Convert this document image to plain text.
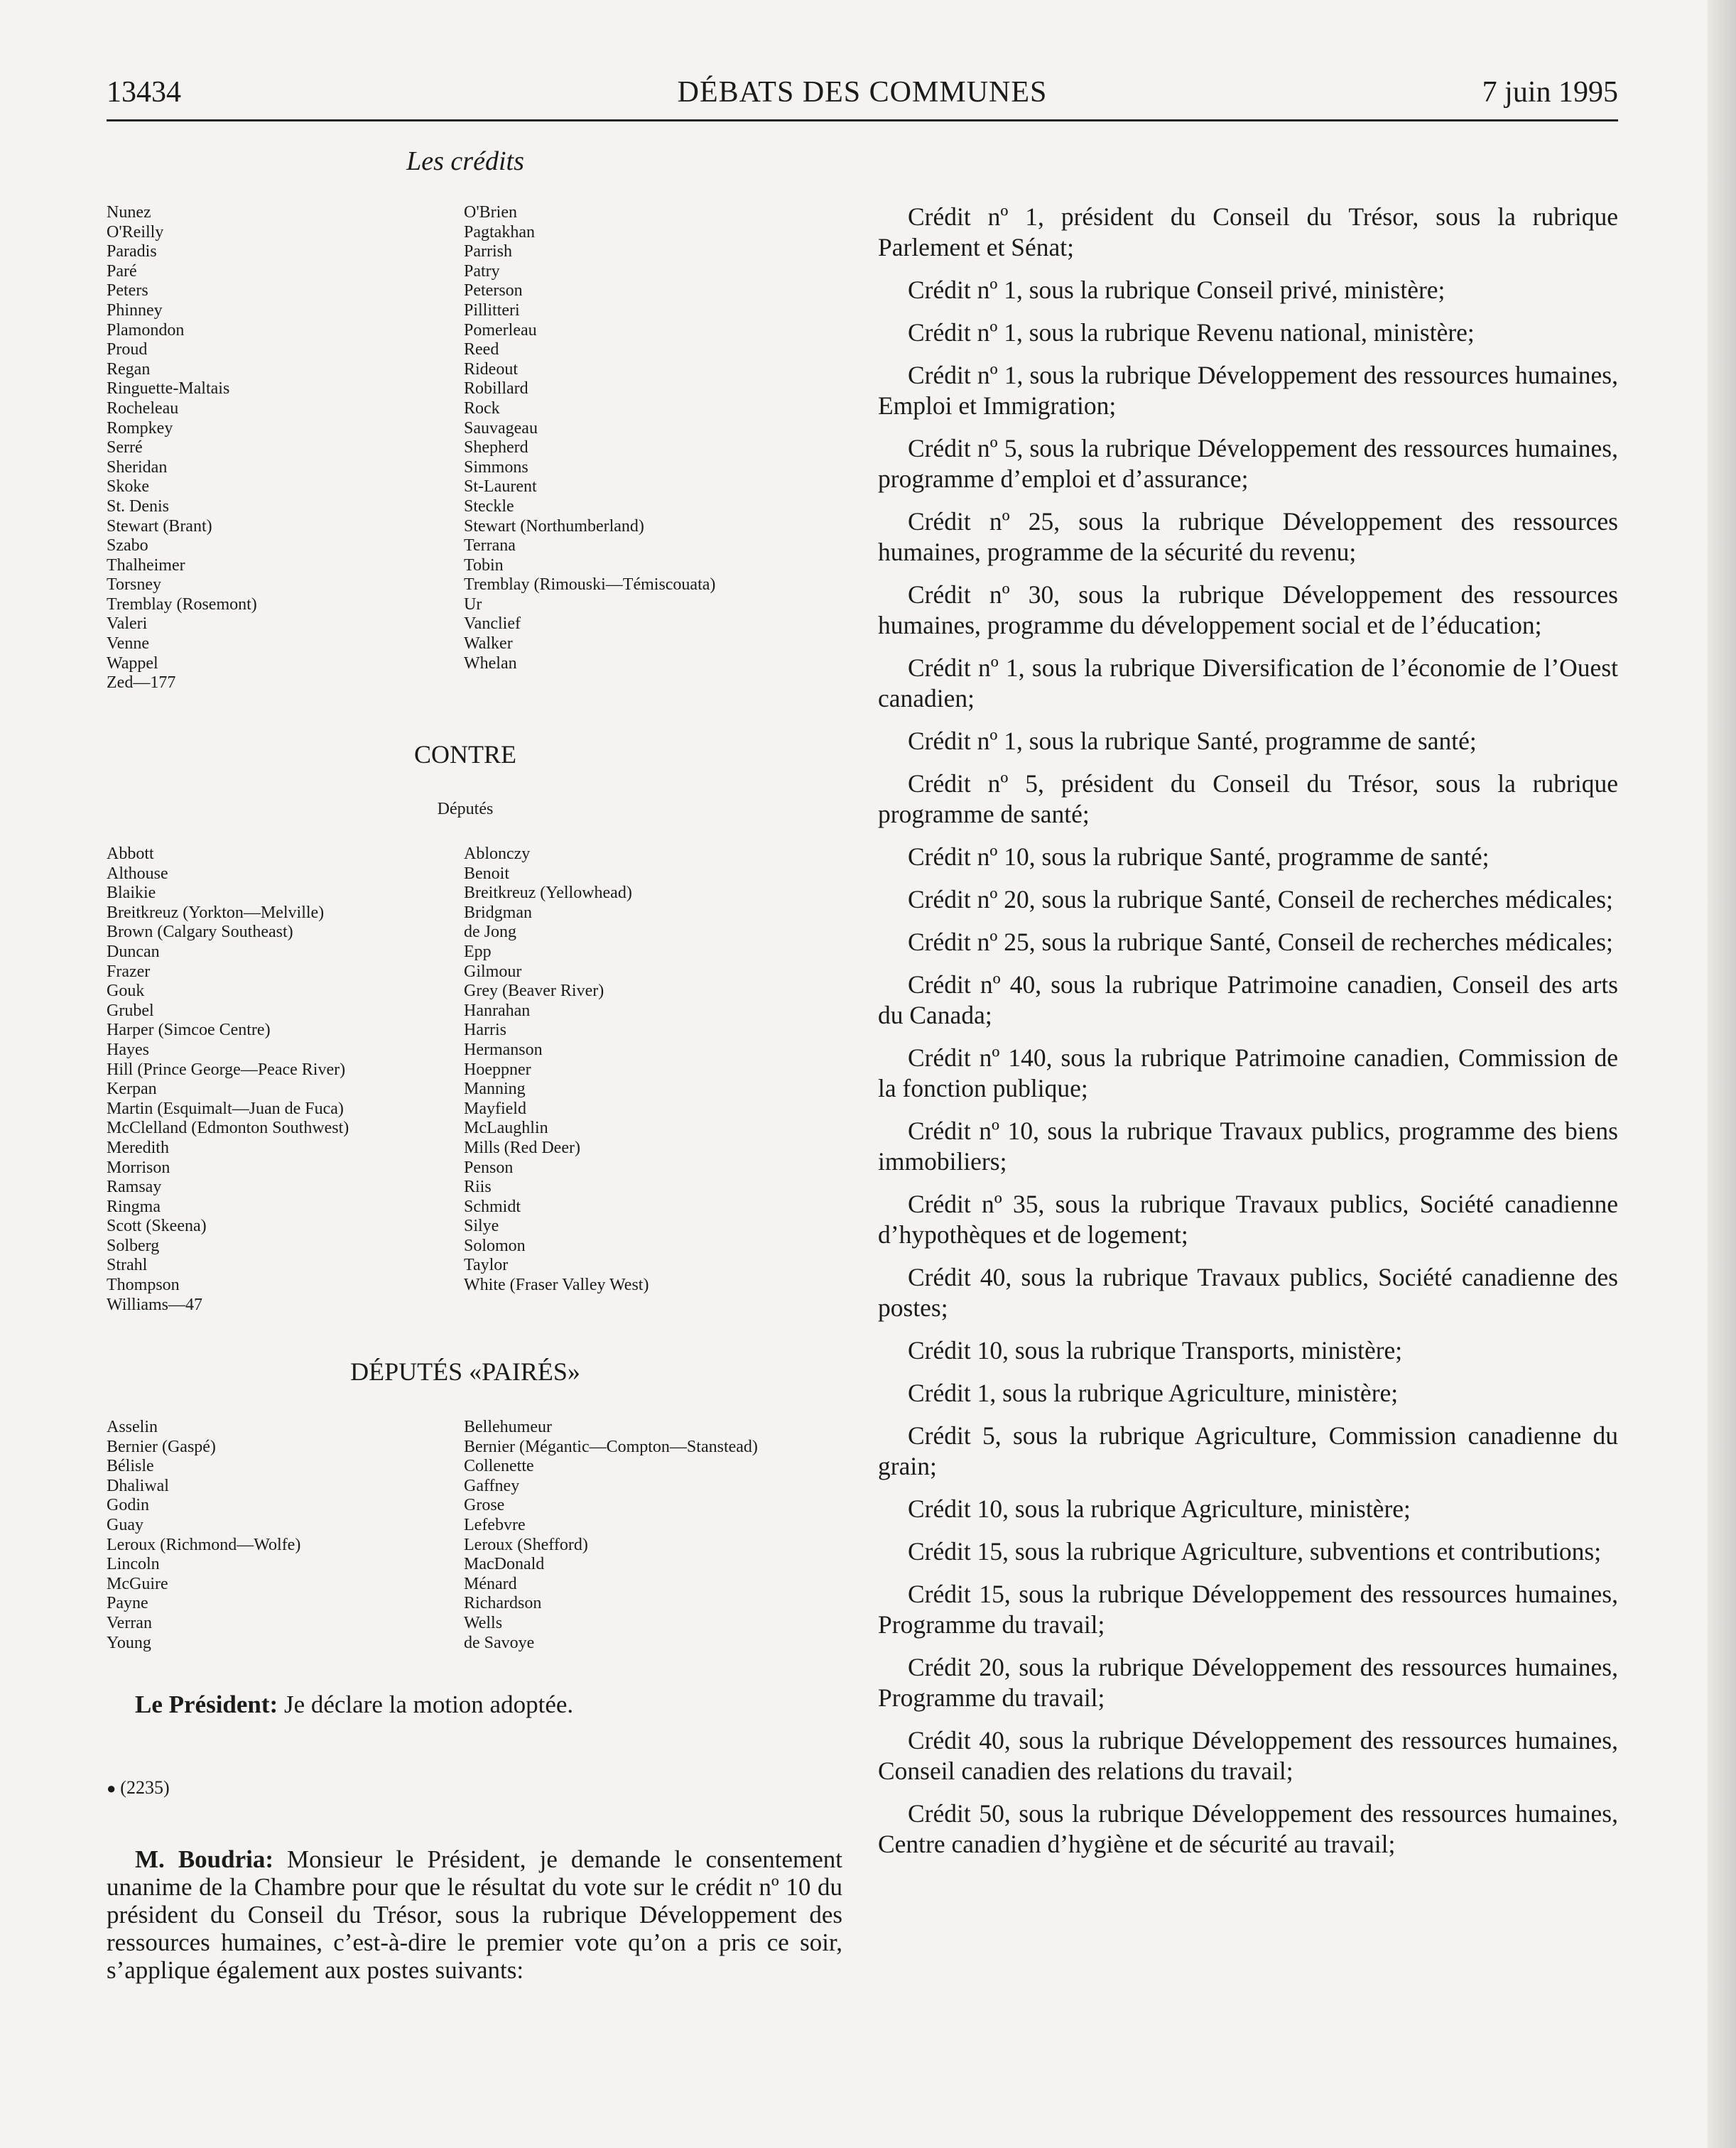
13434	DÉBATS DES COMMUNES	7 juin 1995
Les crédits
Nunez
O'Reilly
Paradis
Paré
Peters
Phinney
Plamondon
Proud
Regan
Ringuette-Maltais
Rocheleau
Rompkey
Serré
Sheridan
Skoke
St. Denis
Stewart (Brant)
Szabo
Thalheimer
Torsney
Tremblay (Rosemont)
Valeri
Venne
Wappel
Zed—177
O'Brien
Pagtakhan
Parrish
Patry
Peterson
Pillitteri
Pomerleau
Reed
Rideout
Robillard
Rock
Sauvageau
Shepherd
Simmons
St-Laurent
Steckle
Stewart (Northumberland)
Terrana
Tobin
Tremblay (Rimouski—Témiscouata)
Ur
Vanclief
Walker
Whelan
CONTRE
Députés
Abbott
Althouse
Blaikie
Breitkreuz (Yorkton—Melville)
Brown (Calgary Southeast)
Duncan
Frazer
Gouk
Grubel
Harper (Simcoe Centre)
Hayes
Hill (Prince George—Peace River)
Kerpan
Martin (Esquimalt—Juan de Fuca)
McClelland (Edmonton Southwest)
Meredith
Morrison
Ramsay
Ringma
Scott (Skeena)
Solberg
Strahl
Thompson
Williams—47
Ablonczy
Benoit
Breitkreuz (Yellowhead)
Bridgman
de Jong
Epp
Gilmour
Grey (Beaver River)
Hanrahan
Harris
Hermanson
Hoeppner
Manning
Mayfield
McLaughlin
Mills (Red Deer)
Penson
Riis
Schmidt
Silye
Solomon
Taylor
White (Fraser Valley West)
DÉPUTÉS «PAIRÉS»
Asselin
Bernier (Gaspé)
Bélisle
Dhaliwal
Godin
Guay
Leroux (Richmond—Wolfe)
Lincoln
McGuire
Payne
Verran
Young
Bellehumeur
Bernier (Mégantic—Compton—Stanstead)
Collenette
Gaffney
Grose
Lefebvre
Leroux (Shefford)
MacDonald
Ménard
Richardson
Wells
de Savoye
Le Président: Je déclare la motion adoptée.
● (2235)

M. Boudria: Monsieur le Président, je demande le consentement unanime de la Chambre pour que le résultat du vote sur le crédit nº 10 du président du Conseil du Trésor, sous la rubrique Développement des ressources humaines, c’est-à-dire le premier vote qu’on a pris ce soir, s’applique également aux postes suivants:

Crédit nº 1, président du Conseil du Trésor, sous la rubrique Parlement et Sénat;

Crédit nº 1, sous la rubrique Conseil privé, ministère;

Crédit nº 1, sous la rubrique Revenu national, ministère;

Crédit nº 1, sous la rubrique Développement des ressources humaines, Emploi et Immigration;

Crédit nº 5, sous la rubrique Développement des ressources humaines, programme d’emploi et d’assurance;

Crédit nº 25, sous la rubrique Développement des ressources humaines, programme de la sécurité du revenu;

Crédit nº 30, sous la rubrique Développement des ressources humaines, programme du développement social et de l’éducation;

Crédit nº 1, sous la rubrique Diversification de l’économie de l’Ouest canadien;

Crédit nº 1, sous la rubrique Santé, programme de santé;

Crédit nº 5, président du Conseil du Trésor, sous la rubrique programme de santé;

Crédit nº 10, sous la rubrique Santé, programme de santé;

Crédit nº 20, sous la rubrique Santé, Conseil de recherches médicales;

Crédit nº 25, sous la rubrique Santé, Conseil de recherches médicales;

Crédit nº 40, sous la rubrique Patrimoine canadien, Conseil des arts du Canada;

Crédit nº 140, sous la rubrique Patrimoine canadien, Commission de la fonction publique;

Crédit nº 10, sous la rubrique Travaux publics, programme des biens immobiliers;

Crédit nº 35, sous la rubrique Travaux publics, Société canadienne d’hypothèques et de logement;

Crédit 40, sous la rubrique Travaux publics, Société canadienne des postes;

Crédit 10, sous la rubrique Transports, ministère;

Crédit 1, sous la rubrique Agriculture, ministère;

Crédit 5, sous la rubrique Agriculture, Commission canadienne du grain;

Crédit 10, sous la rubrique Agriculture, ministère;

Crédit 15, sous la rubrique Agriculture, subventions et contributions;

Crédit 15, sous la rubrique Développement des ressources humaines, Programme du travail;

Crédit 20, sous la rubrique Développement des ressources humaines, Programme du travail;

Crédit 40, sous la rubrique Développement des ressources humaines, Conseil canadien des relations du travail;

Crédit 50, sous la rubrique Développement des ressources humaines, Centre canadien d’hygiène et de sécurité au travail;
